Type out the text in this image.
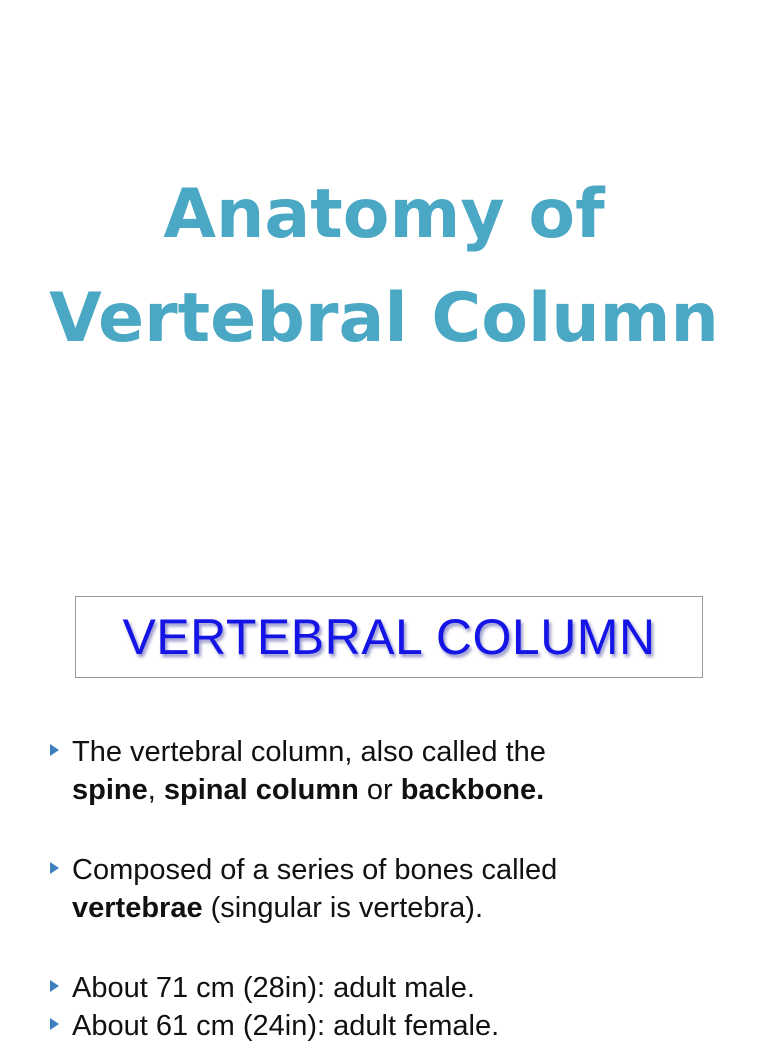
Anatomy of
Vertebral Column
VERTEBRAL COLUMN
The vertebral column, also called the
spine, spinal column or backbone.
Composed of a series of bones called
vertebrae (singular is vertebra).
About 71 cm (28in): adult male.
About 61 cm (24in): adult female.
